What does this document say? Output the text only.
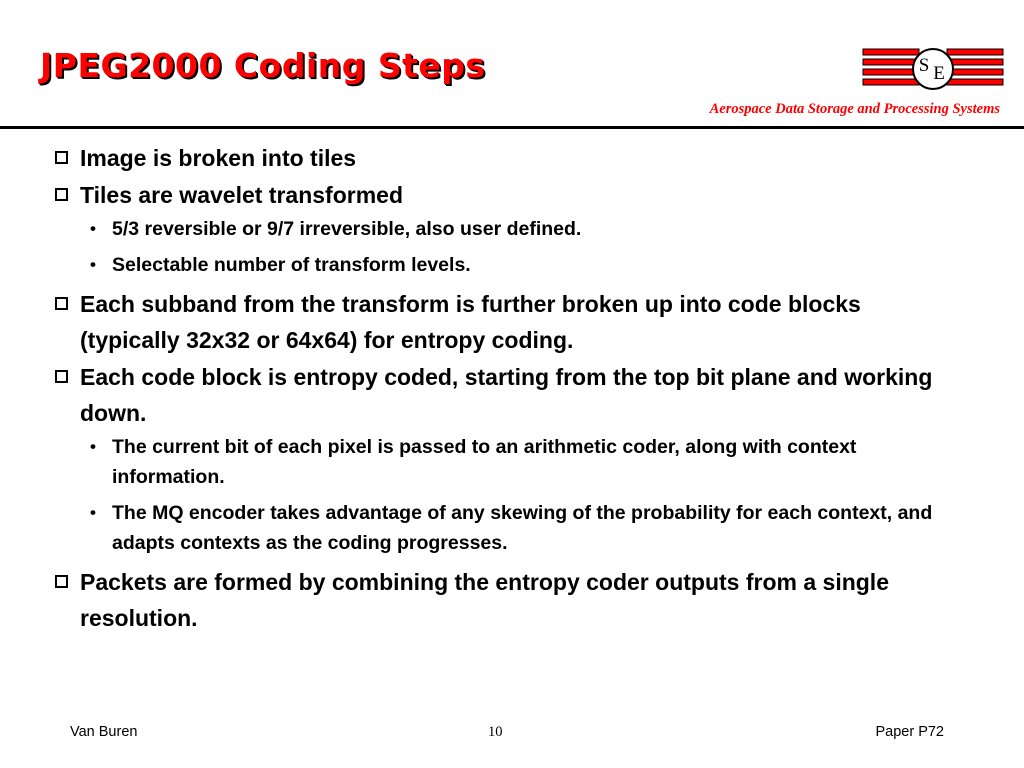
JPEG2000 Coding Steps	S E
Aerospace Data Storage and Processing Systems
Image is broken into tiles
Tiles are wavelet transformed
• 5/3 reversible or 9/7 irreversible, also user defined.
• Selectable number of transform levels.
Each subband from the transform is further broken up into code blocks (typically 32x32 or 64x64) for entropy coding.
Each code block is entropy coded, starting from the top bit plane and working down.
• The current bit of each pixel is passed to an arithmetic coder, along with context information.
• The MQ encoder takes advantage of any skewing of the probability for each context, and adapts contexts as the coding progresses.
Packets are formed by combining the entropy coder outputs from a single resolution.
Van Buren	10	Paper P72
